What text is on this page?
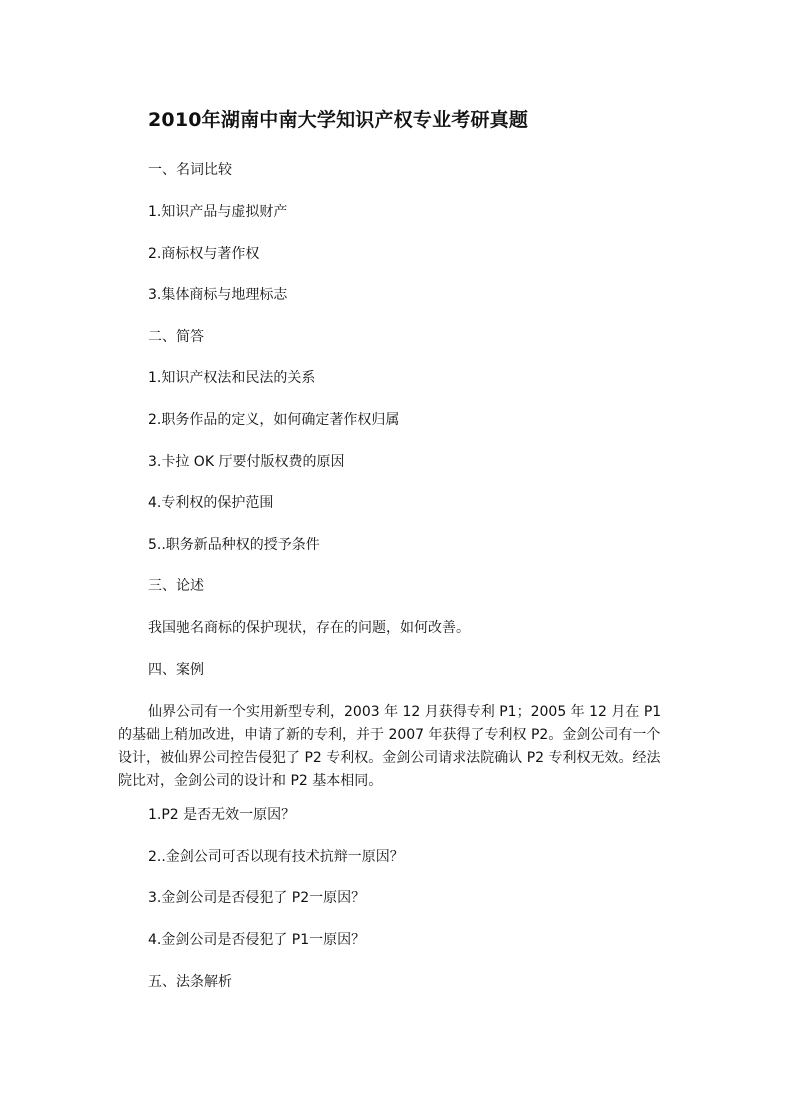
2010年湖南中南大学知识产权专业考研真题
一、名词比较
1.知识产品与虚拟财产
2.商标权与著作权
3.集体商标与地理标志
二、简答
1.知识产权法和民法的关系
2.职务作品的定义，如何确定著作权归属
3.卡拉 OK 厅要付版权费的原因
4.专利权的保护范围
5..职务新品种权的授予条件
三、论述
我国驰名商标的保护现状，存在的问题，如何改善。
四、案例
仙界公司有一个实用新型专利，2003 年 12 月获得专利 P1；2005 年 12 月在 P1 的基础上稍加改进，申请了新的专利，并于 2007 年获得了专利权 P2。金剑公司有一个设计，被仙界公司控告侵犯了 P2 专利权。金剑公司请求法院确认 P2 专利权无效。经法院比对，金剑公司的设计和 P2 基本相同。
1.P2 是否无效一原因？
2..金剑公司可否以现有技术抗辩一原因？
3.金剑公司是否侵犯了 P2一原因？
4.金剑公司是否侵犯了 P1一原因？
五、法条解析
